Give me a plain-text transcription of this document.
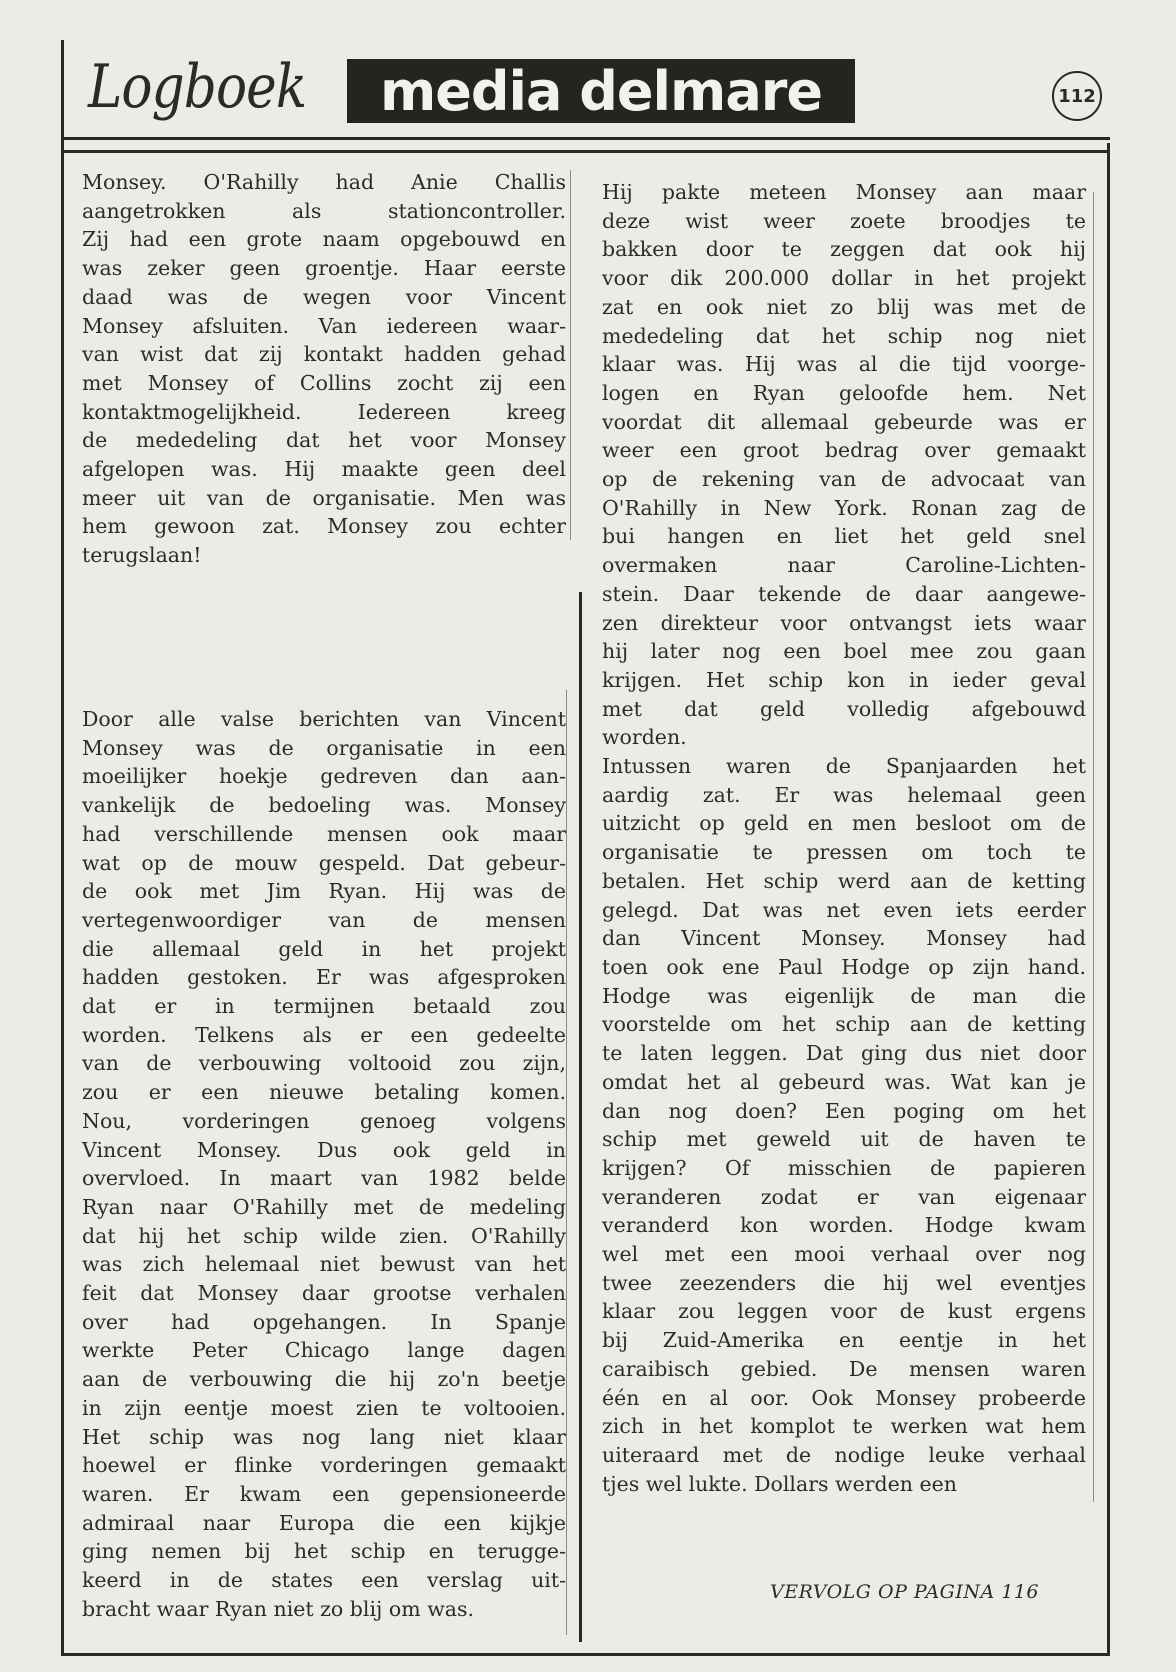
Logboek	media delmare	112
Monsey. O'Rahilly had Anie Challis
aangetrokken als stationcontroller.
Zij had een grote naam opgebouwd en
was zeker geen groentje. Haar eerste
daad was de wegen voor Vincent
Monsey afsluiten. Van iedereen waar-
van wist dat zij kontakt hadden gehad
met Monsey of Collins zocht zij een
kontaktmogelijkheid. Iedereen kreeg
de mededeling dat het voor Monsey
afgelopen was. Hij maakte geen deel
meer uit van de organisatie. Men was
hem gewoon zat. Monsey zou echter
terugslaan!
Door alle valse berichten van Vincent
Monsey was de organisatie in een
moeilijker hoekje gedreven dan aan-
vankelijk de bedoeling was. Monsey
had verschillende mensen ook maar
wat op de mouw gespeld. Dat gebeur-
de ook met Jim Ryan. Hij was de
vertegenwoordiger van de mensen
die allemaal geld in het projekt
hadden gestoken. Er was afgesproken
dat er in termijnen betaald zou
worden. Telkens als er een gedeelte
van de verbouwing voltooid zou zijn,
zou er een nieuwe betaling komen.
Nou, vorderingen genoeg volgens
Vincent Monsey. Dus ook geld in
overvloed. In maart van 1982 belde
Ryan naar O'Rahilly met de medeling
dat hij het schip wilde zien. O'Rahilly
was zich helemaal niet bewust van het
feit dat Monsey daar grootse verhalen
over had opgehangen. In Spanje
werkte Peter Chicago lange dagen
aan de verbouwing die hij zo'n beetje
in zijn eentje moest zien te voltooien.
Het schip was nog lang niet klaar
hoewel er flinke vorderingen gemaakt
waren. Er kwam een gepensioneerde
admiraal naar Europa die een kijkje
ging nemen bij het schip en terugge-
keerd in de states een verslag uit-
bracht waar Ryan niet zo blij om was.
Hij pakte meteen Monsey aan maar
deze wist weer zoete broodjes te
bakken door te zeggen dat ook hij
voor dik 200.000 dollar in het projekt
zat en ook niet zo blij was met de
mededeling dat het schip nog niet
klaar was. Hij was al die tijd voorge-
logen en Ryan geloofde hem. Net
voordat dit allemaal gebeurde was er
weer een groot bedrag over gemaakt
op de rekening van de advocaat van
O'Rahilly in New York. Ronan zag de
bui hangen en liet het geld snel
overmaken naar Caroline-Lichten-
stein. Daar tekende de daar aangewe-
zen direkteur voor ontvangst iets waar
hij later nog een boel mee zou gaan
krijgen. Het schip kon in ieder geval
met dat geld volledig afgebouwd
worden.
Intussen waren de Spanjaarden het
aardig zat. Er was helemaal geen
uitzicht op geld en men besloot om de
organisatie te pressen om toch te
betalen. Het schip werd aan de ketting
gelegd. Dat was net even iets eerder
dan Vincent Monsey. Monsey had
toen ook ene Paul Hodge op zijn hand.
Hodge was eigenlijk de man die
voorstelde om het schip aan de ketting
te laten leggen. Dat ging dus niet door
omdat het al gebeurd was. Wat kan je
dan nog doen? Een poging om het
schip met geweld uit de haven te
krijgen? Of misschien de papieren
veranderen zodat er van eigenaar
veranderd kon worden. Hodge kwam
wel met een mooi verhaal over nog
twee zeezenders die hij wel eventjes
klaar zou leggen voor de kust ergens
bij Zuid-Amerika en eentje in het
caraibisch gebied. De mensen waren
één en al oor. Ook Monsey probeerde
zich in het komplot te werken wat hem
uiteraard met de nodige leuke verhaal
tjes wel lukte. Dollars werden een
VERVOLG OP PAGINA 116
